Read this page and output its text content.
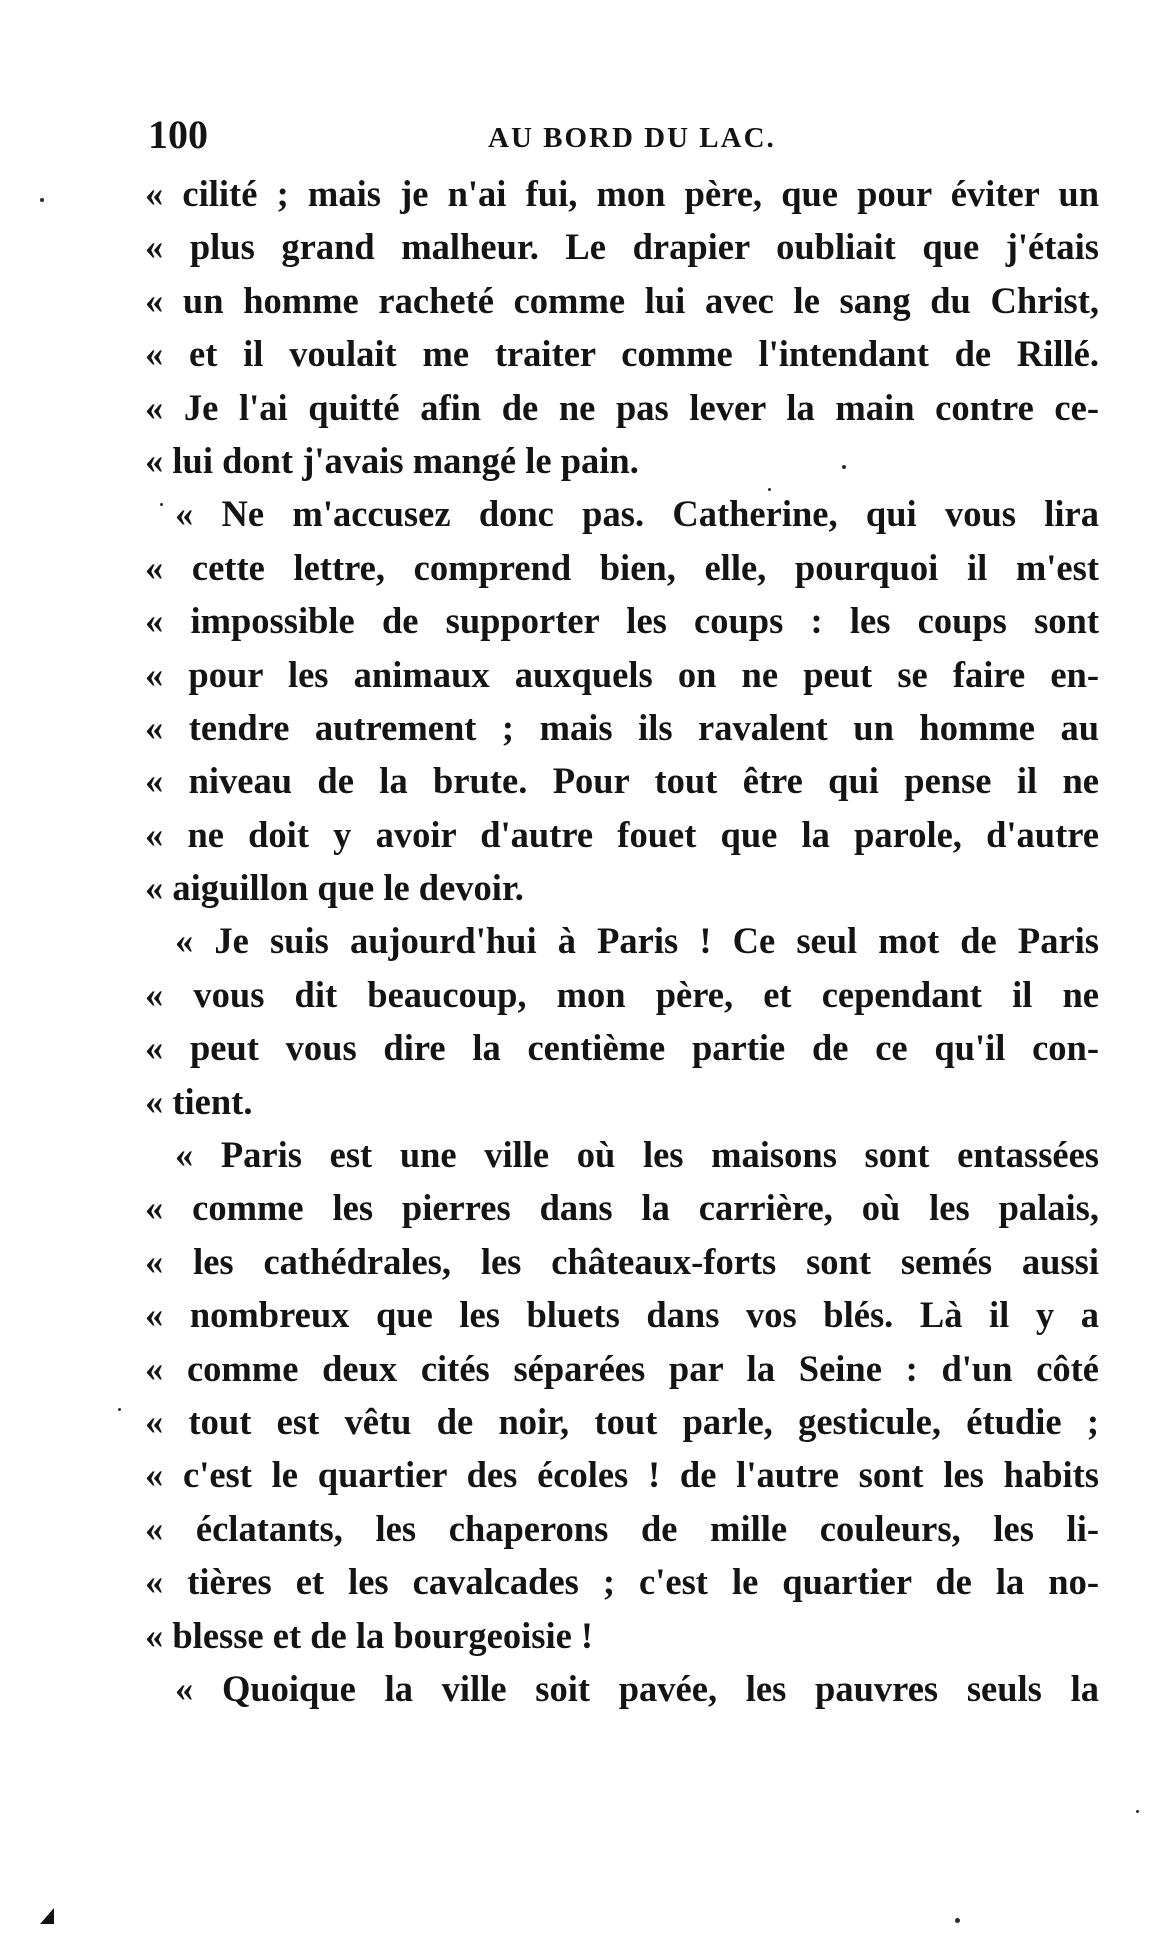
100	AU BORD DU LAC.
« cilité ; mais je n'ai fui, mon père, que pour éviter un
« plus grand malheur. Le drapier oubliait que j'étais
« un homme racheté comme lui avec le sang du Christ,
« et il voulait me traiter comme l'intendant de Rillé.
« Je l'ai quitté afin de ne pas lever la main contre ce-
« lui dont j'avais mangé le pain.
« Ne m'accusez donc pas. Catherine, qui vous lira
« cette lettre, comprend bien, elle, pourquoi il m'est
« impossible de supporter les coups : les coups sont
« pour les animaux auxquels on ne peut se faire en-
« tendre autrement ; mais ils ravalent un homme au
« niveau de la brute. Pour tout être qui pense il ne
« ne doit y avoir d'autre fouet que la parole, d'autre
« aiguillon que le devoir.
« Je suis aujourd'hui à Paris ! Ce seul mot de Paris
« vous dit beaucoup, mon père, et cependant il ne
« peut vous dire la centième partie de ce qu'il con-
« tient.
« Paris est une ville où les maisons sont entassées
« comme les pierres dans la carrière, où les palais,
« les cathédrales, les châteaux-forts sont semés aussi
« nombreux que les bluets dans vos blés. Là il y a
« comme deux cités séparées par la Seine : d'un côté
« tout est vêtu de noir, tout parle, gesticule, étudie ;
« c'est le quartier des écoles ! de l'autre sont les habits
« éclatants, les chaperons de mille couleurs, les li-
« tières et les cavalcades ; c'est le quartier de la no-
« blesse et de la bourgeoisie !
« Quoique la ville soit pavée, les pauvres seuls la
